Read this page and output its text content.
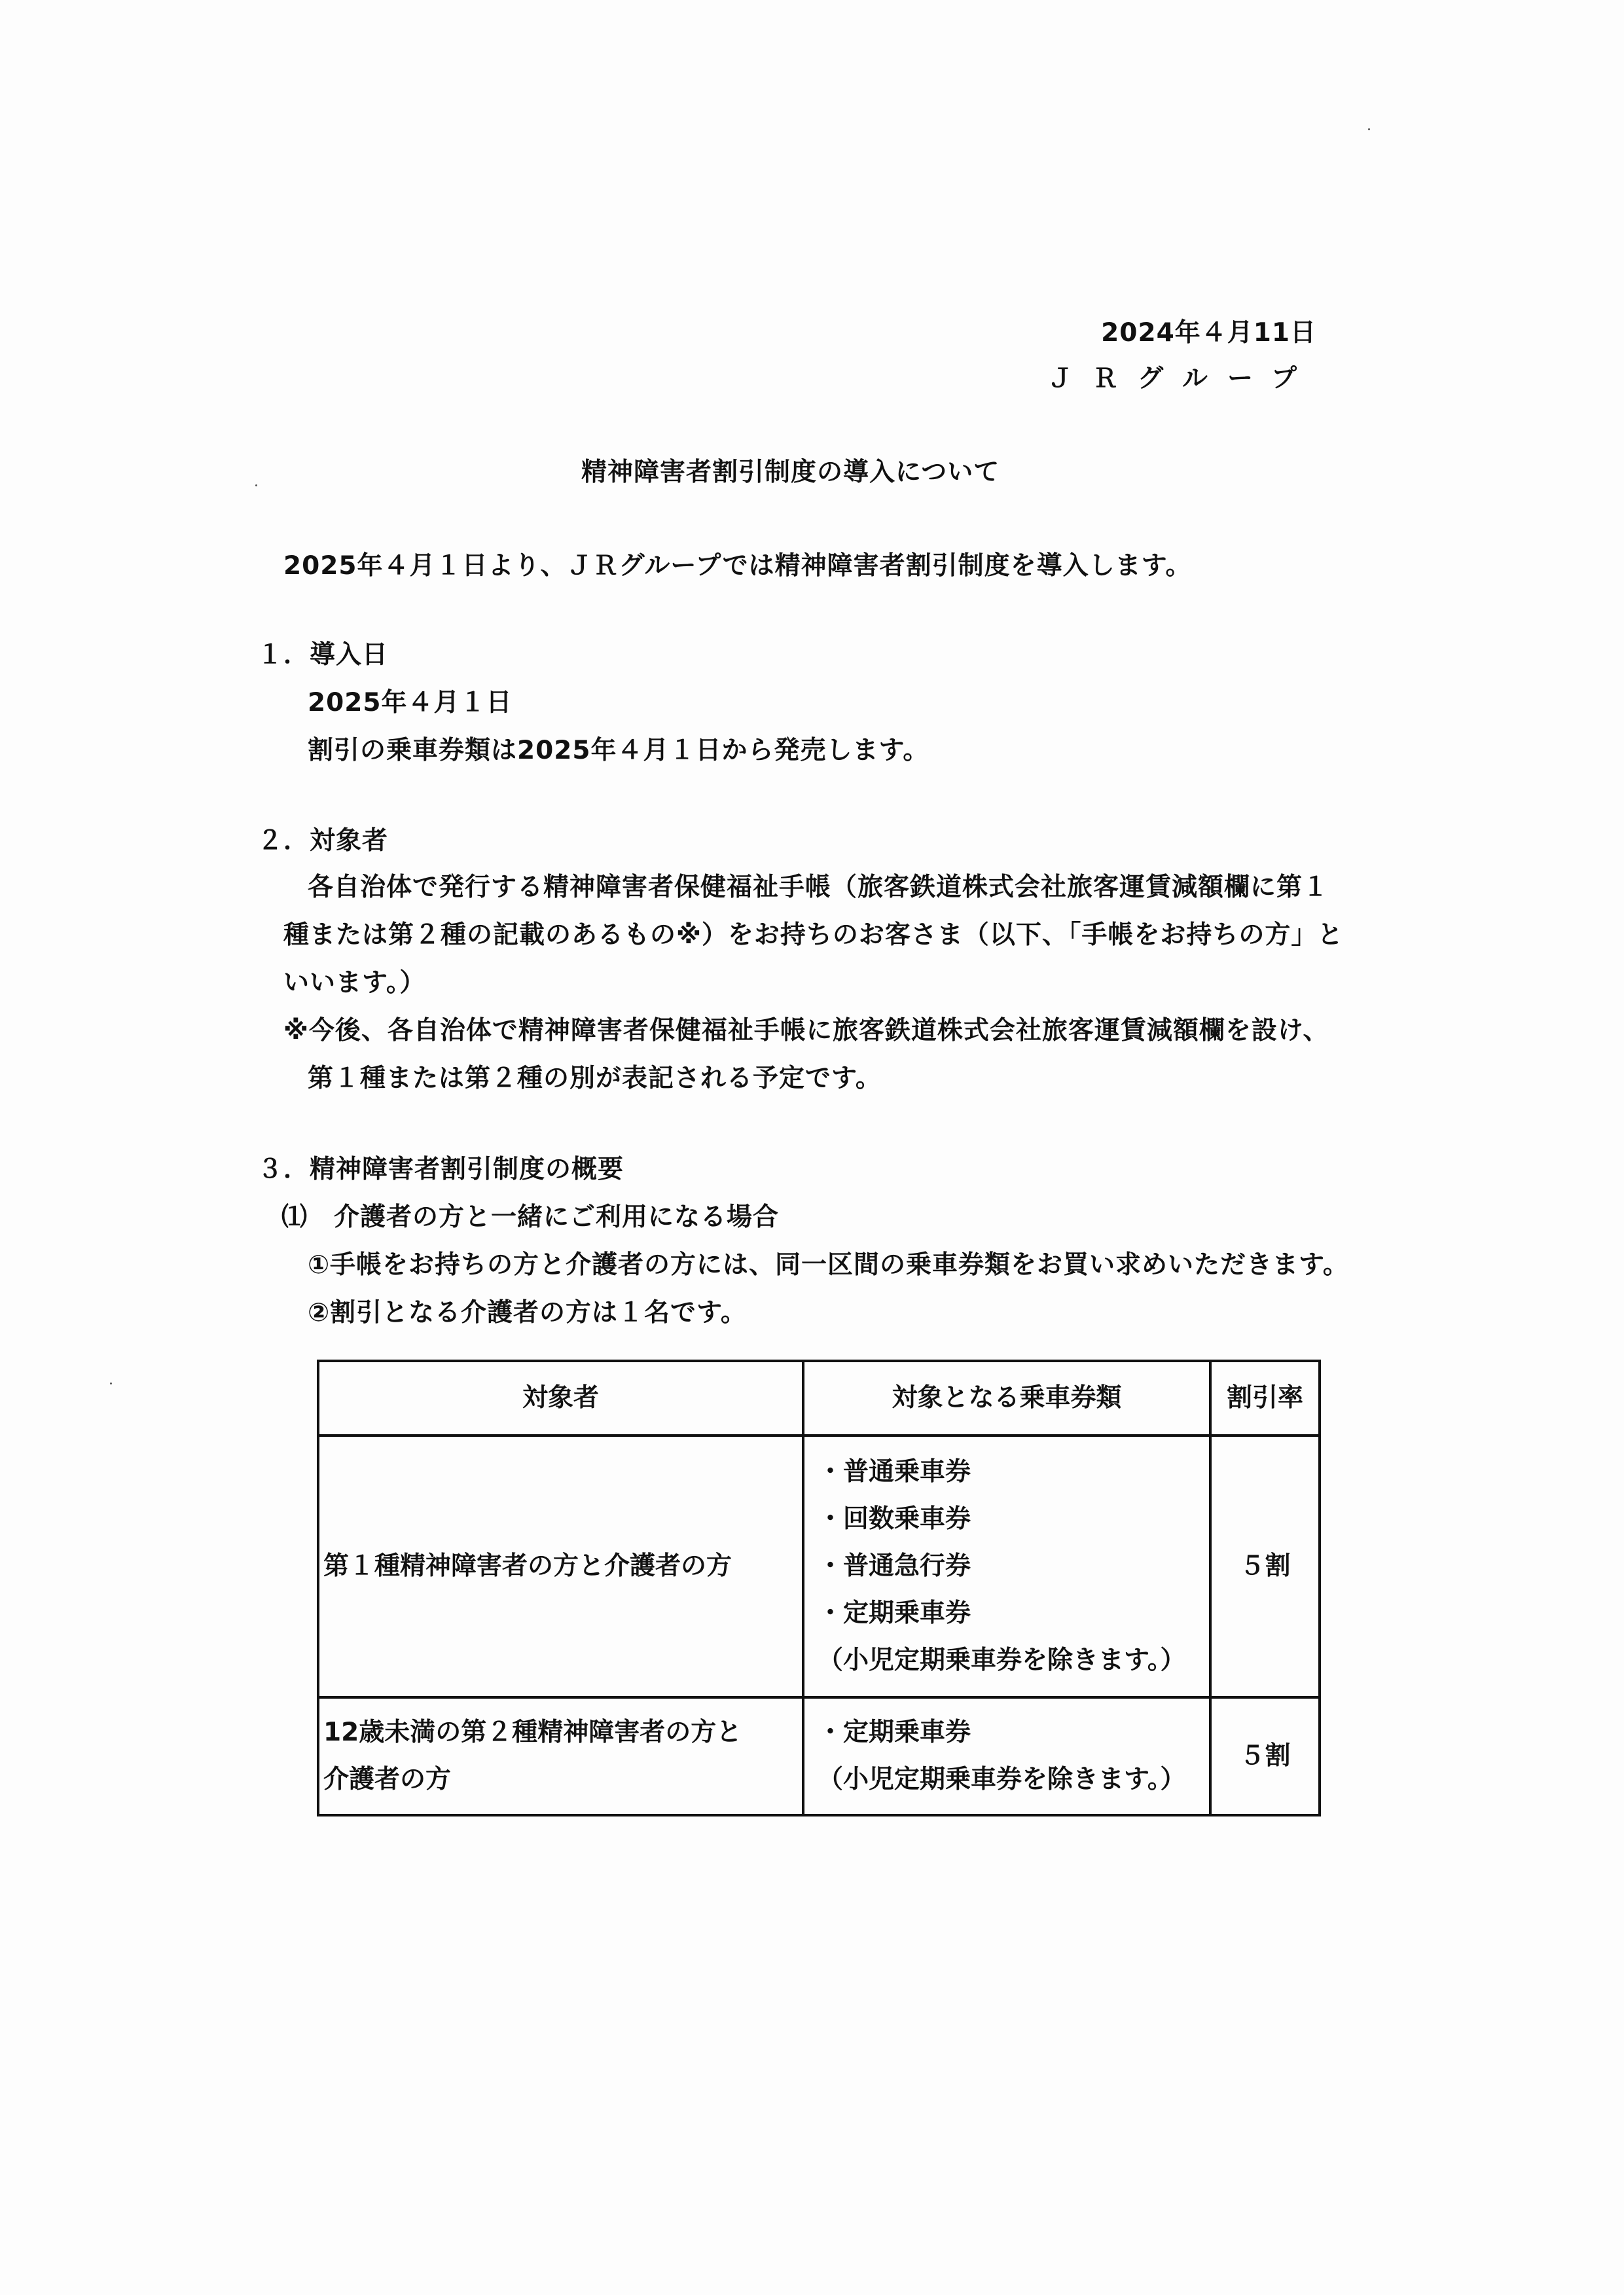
2024年４月11日
ＪＲグループ
精神障害者割引制度の導入について
2025年４月１日より、ＪＲグループでは精神障害者割引制度を導入します。
１．導入日
2025年４月１日
割引の乗車券類は2025年４月１日から発売します。
２．対象者
各自治体で発行する精神障害者保健福祉手帳（旅客鉄道株式会社旅客運賃減額欄に第１
種または第２種の記載のあるもの※）をお持ちのお客さま（以下、「手帳をお持ちの方」と
いいます。）
※今後、各自治体で精神障害者保健福祉手帳に旅客鉄道株式会社旅客運賃減額欄を設け、
第１種または第２種の別が表記される予定です。
３．精神障害者割引制度の概要
⑴　介護者の方と一緒にご利用になる場合
①手帳をお持ちの方と介護者の方には、同一区間の乗車券類をお買い求めいただきます。
②割引となる介護者の方は１名です。
対象者	対象となる乗車券類	割引率
第１種精神障害者の方と介護者の方	・普通乗車券
・回数乗車券
・普通急行券
・定期乗車券
（小児定期乗車券を除きます。）	５割

12歳未満の第２種精神障害者の方と
介護者の方	・定期乗車券
（小児定期乗車券を除きます。）	５割
